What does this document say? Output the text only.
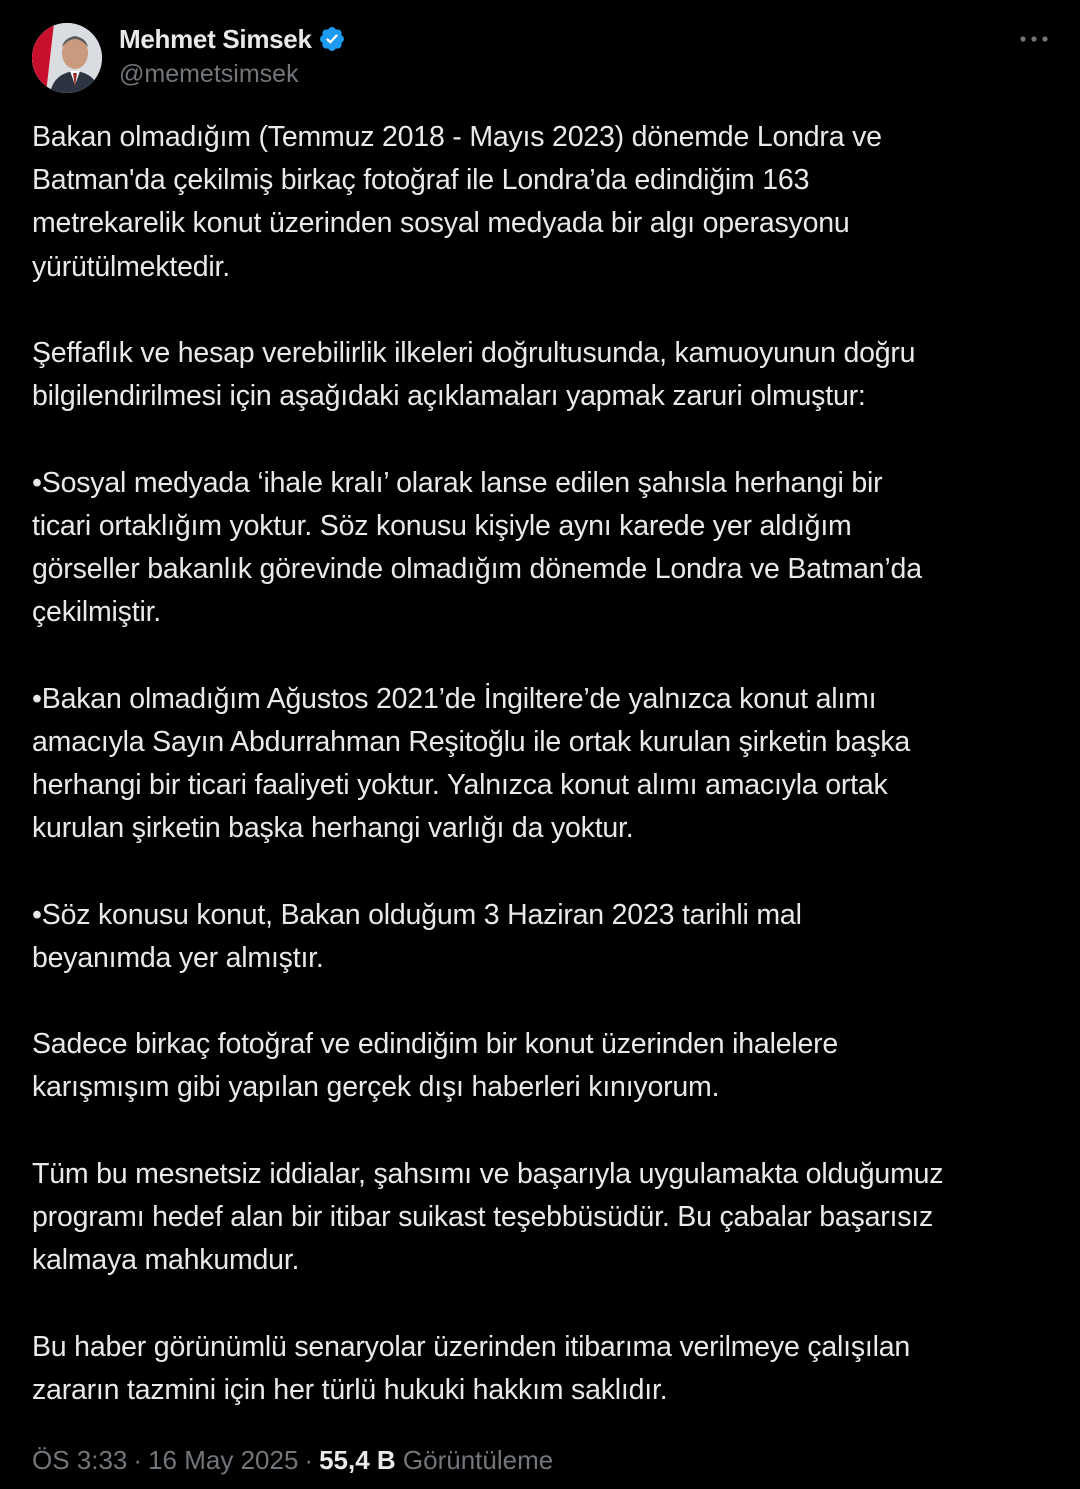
Mehmet Simsek
@memetsimsek

Bakan olmadığım (Temmuz 2018 - Mayıs 2023) dönemde Londra ve
Batman'da çekilmiş birkaç fotoğraf ile Londra’da edindiğim 163
metrekarelik konut üzerinden sosyal medyada bir algı operasyonu
yürütülmektedir.

Şeffaflık ve hesap verebilirlik ilkeleri doğrultusunda, kamuoyunun doğru
bilgilendirilmesi için aşağıdaki açıklamaları yapmak zaruri olmuştur:

•Sosyal medyada ‘ihale kralı’ olarak lanse edilen şahısla herhangi bir
ticari ortaklığım yoktur. Söz konusu kişiyle aynı karede yer aldığım
görseller bakanlık görevinde olmadığım dönemde Londra ve Batman’da
çekilmiştir.

•Bakan olmadığım Ağustos 2021’de İngiltere’de yalnızca konut alımı
amacıyla Sayın Abdurrahman Reşitoğlu ile ortak kurulan şirketin başka
herhangi bir ticari faaliyeti yoktur. Yalnızca konut alımı amacıyla ortak
kurulan şirketin başka herhangi varlığı da yoktur.

•Söz konusu konut, Bakan olduğum 3 Haziran 2023 tarihli mal
beyanımda yer almıştır.

Sadece birkaç fotoğraf ve edindiğim bir konut üzerinden ihalelere
karışmışım gibi yapılan gerçek dışı haberleri kınıyorum.

Tüm bu mesnetsiz iddialar, şahsımı ve başarıyla uygulamakta olduğumuz
programı hedef alan bir itibar suikast teşebbüsüdür. Bu çabalar başarısız
kalmaya mahkumdur.

Bu haber görünümlü senaryolar üzerinden itibarıma verilmeye çalışılan
zararın tazmini için her türlü hukuki hakkım saklıdır.

ÖS 3:33 · 16 May 2025 · 55,4 B Görüntüleme
